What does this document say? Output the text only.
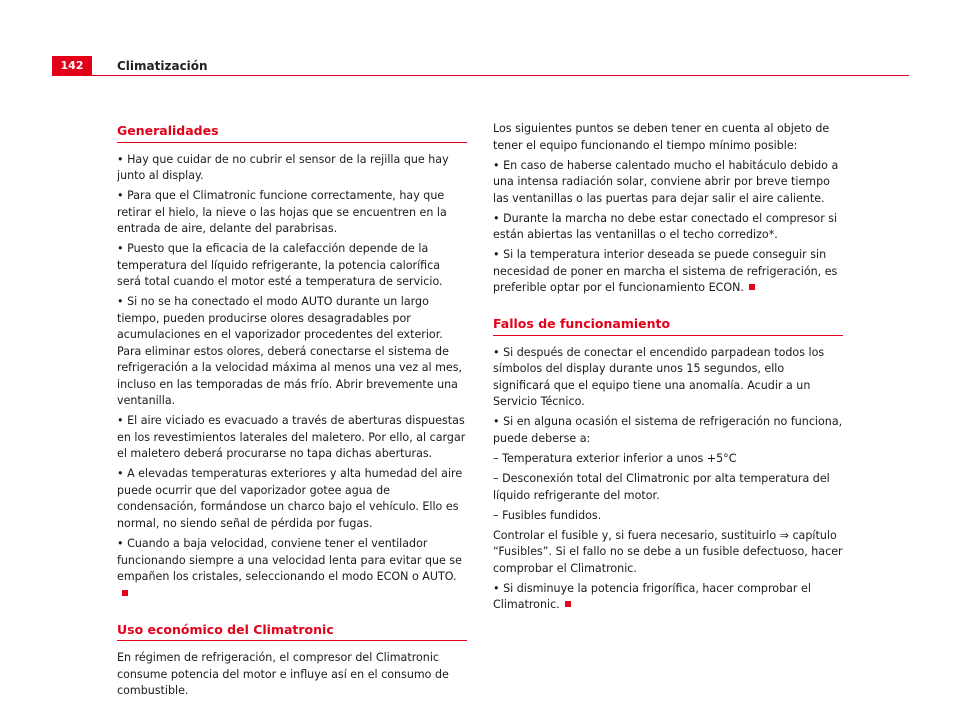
142	Climatización
Generalidades

• Hay que cuidar de no cubrir el sensor de la rejilla que hay junto al display.

• Para que el Climatronic funcione correctamente, hay que retirar el hielo, la nieve o las hojas que se encuentren en la entrada de aire, delante del parabrisas.

• Puesto que la eficacia de la calefacción depende de la temperatura del líquido refrigerante, la potencia calorífica será total cuando el motor esté a temperatura de servicio.

• Si no se ha conectado el modo AUTO durante un largo tiempo, pueden producirse olores desagradables por acumulaciones en el vaporizador procedentes del exterior. Para eliminar estos olores, deberá conectarse el sistema de refrigeración a la velocidad máxima al menos una vez al mes, incluso en las temporadas de más frío. Abrir brevemente una ventanilla.

• El aire viciado es evacuado a través de aberturas dispuestas en los revestimientos laterales del maletero. Por ello, al cargar el maletero deberá procurarse no tapa dichas aberturas.

• A elevadas temperaturas exteriores y alta humedad del aire puede ocurrir que del vaporizador gotee agua de condensación, formándose un charco bajo el vehículo. Ello es normal, no siendo señal de pérdida por fugas.

• Cuando a baja velocidad, conviene tener el ventilador funcionando siempre a una velocidad lenta para evitar que se empañen los cristales, seleccionando el modo ECON o AUTO.

Uso económico del Climatronic

En régimen de refrigeración, el compresor del Climatronic consume potencia del motor e influye así en el consumo de combustible.

Los siguientes puntos se deben tener en cuenta al objeto de tener el equipo funcionando el tiempo mínimo posible:

• En caso de haberse calentado mucho el habitáculo debido a una intensa radiación solar, conviene abrir por breve tiempo las ventanillas o las puertas para dejar salir el aire caliente.

• Durante la marcha no debe estar conectado el compresor si están abiertas las ventanillas o el techo corredizo*.

• Si la temperatura interior deseada se puede conseguir sin necesidad de poner en marcha el sistema de refrigeración, es preferible optar por el funcionamiento ECON.

Fallos de funcionamiento

• Si después de conectar el encendido parpadean todos los símbolos del display durante unos 15 segundos, ello significará que el equipo tiene una anomalía. Acudir a un Servicio Técnico.

• Si en alguna ocasión el sistema de refrigeración no funciona, puede deberse a:

– Temperatura exterior inferior a unos +5°C

– Desconexión total del Climatronic por alta temperatura del líquido refrigerante del motor.

– Fusibles fundidos.

Controlar el fusible y, si fuera necesario, sustituirlo ⇒ capítulo “Fusibles”. Si el fallo no se debe a un fusible defectuoso, hacer comprobar el Climatronic.

• Si disminuye la potencia frigorífica, hacer comprobar el Climatronic.
